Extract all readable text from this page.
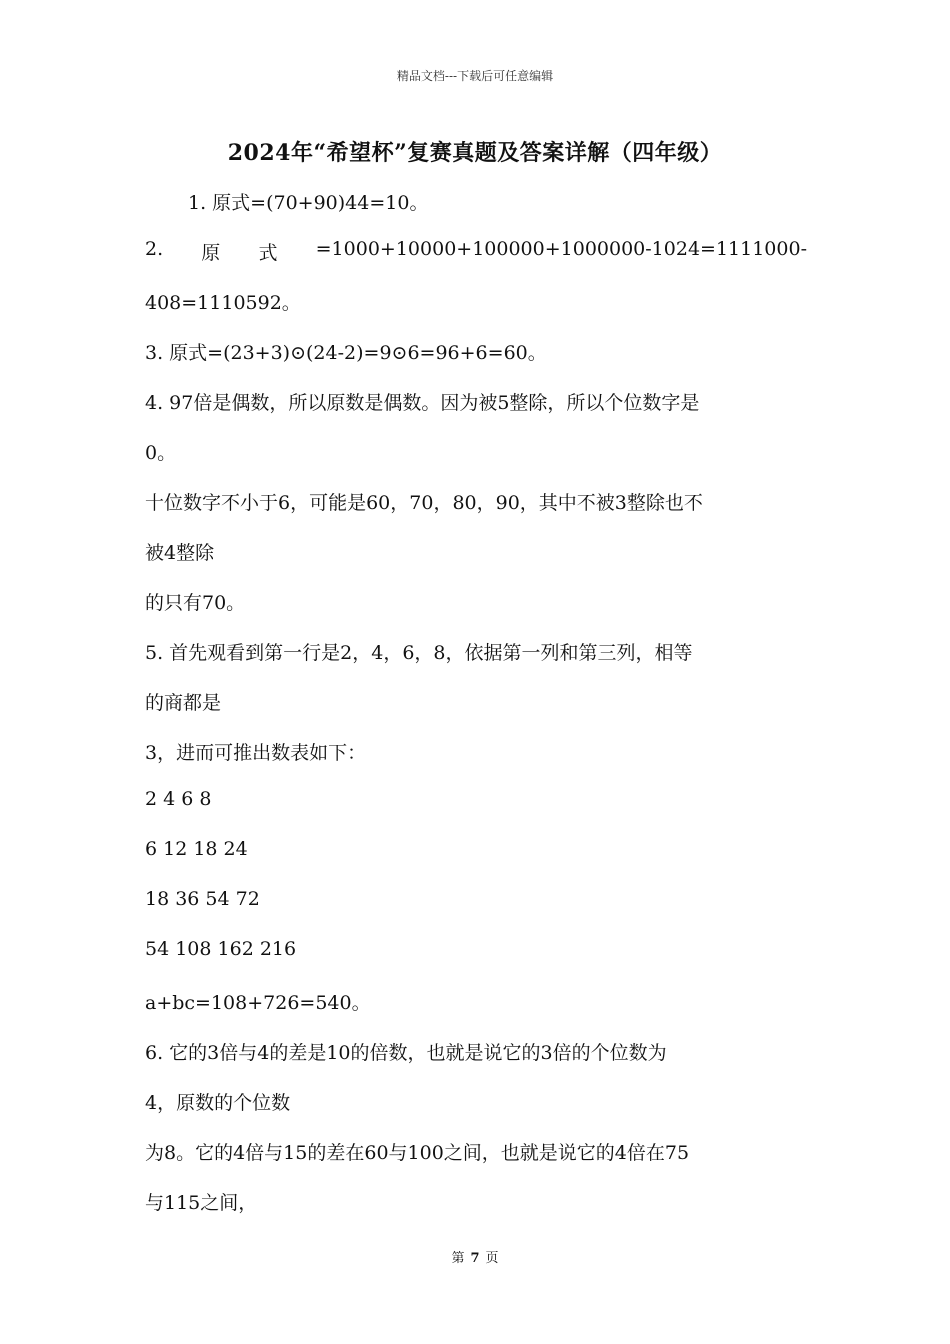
精品文档---下载后可任意编辑
2024年“希望杯”复赛真题及答案详解（四年级）
1. 原式=(70+90)44=10。
2. 原 式 =1000+10000+100000+1000000-1024=1111000-
408=1110592。
3. 原式=(23+3)⊙(24-2)=9⊙6=96+6=60。
4. 97倍是偶数，所以原数是偶数。因为被5整除，所以个位数字是
0。
十位数字不小于6，可能是60，70，80，90，其中不被3整除也不
被4整除
的只有70。
5. 首先观看到第一行是2，4，6，8，依据第一列和第三列，相等
的商都是
3，进而可推出数表如下：
2 4 6 8
6 12 18 24
18 36 54 72
54 108 162 216
a+bc=108+726=540。
6. 它的3倍与4的差是10的倍数，也就是说它的3倍的个位数为
4，原数的个位数
为8。它的4倍与15的差在60与100之间，也就是说它的4倍在75
与115之间，
第 7 页
